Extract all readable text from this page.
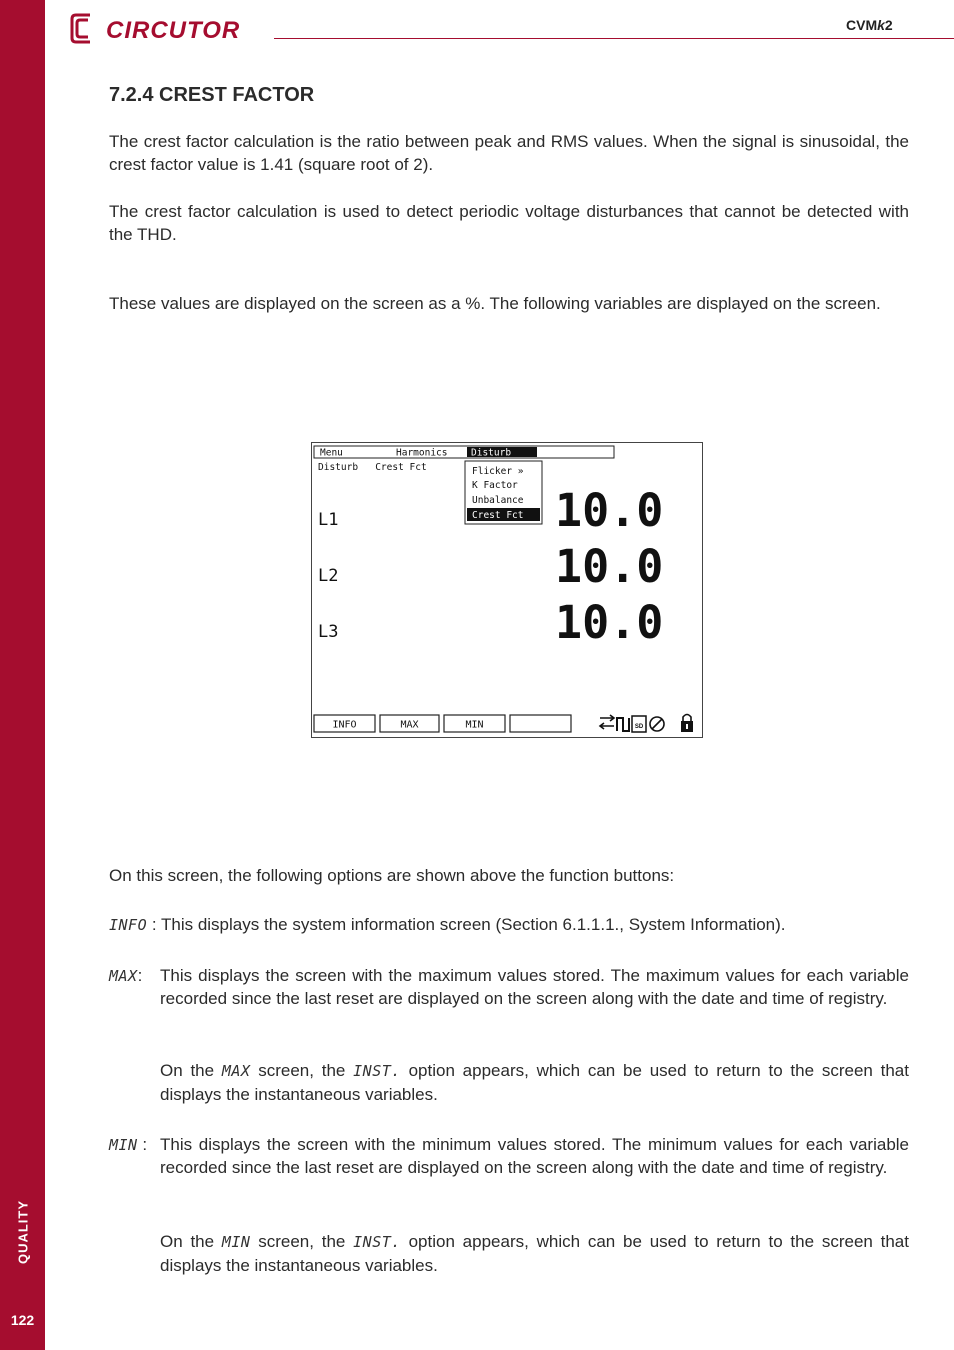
QUALITY
122
CIRCUTOR	CVMk2
7.2.4 CREST FACTOR
The crest factor calculation is the ratio between peak and RMS values. When the signal is sinusoidal, the crest factor value is 1.41 (square root of 2).
The crest factor calculation is used to detect periodic voltage disturbances that cannot be detected with the THD.
These values are displayed on the screen as a %. The following variables are displayed on the screen.
Menu	Harmonics Disturb
Disturb   Crest Fct	Flicker »
K Factor
Unbalance
Crest Fct
L1	10.0
L2	10.0
L3	10.0
INFO	MAX	MIN	SD
On this screen, the following options are shown above the function buttons:
INFO : This displays the system information screen (Section 6.1.1.1., System Information).
MAX:	This displays the screen with the maximum values stored. The maximum values for each variable recorded since the last reset are displayed on the screen along with the date and time of registry.
On the MAX screen, the INST. option appears, which can be used to return to the screen that displays the instantaneous variables.
MIN : This displays the screen with the minimum values stored. The minimum values for each variable recorded since the last reset are displayed on the screen along with the date and time of registry.
On the MIN screen, the INST. option appears, which can be used to return to the screen that displays the instantaneous variables.
